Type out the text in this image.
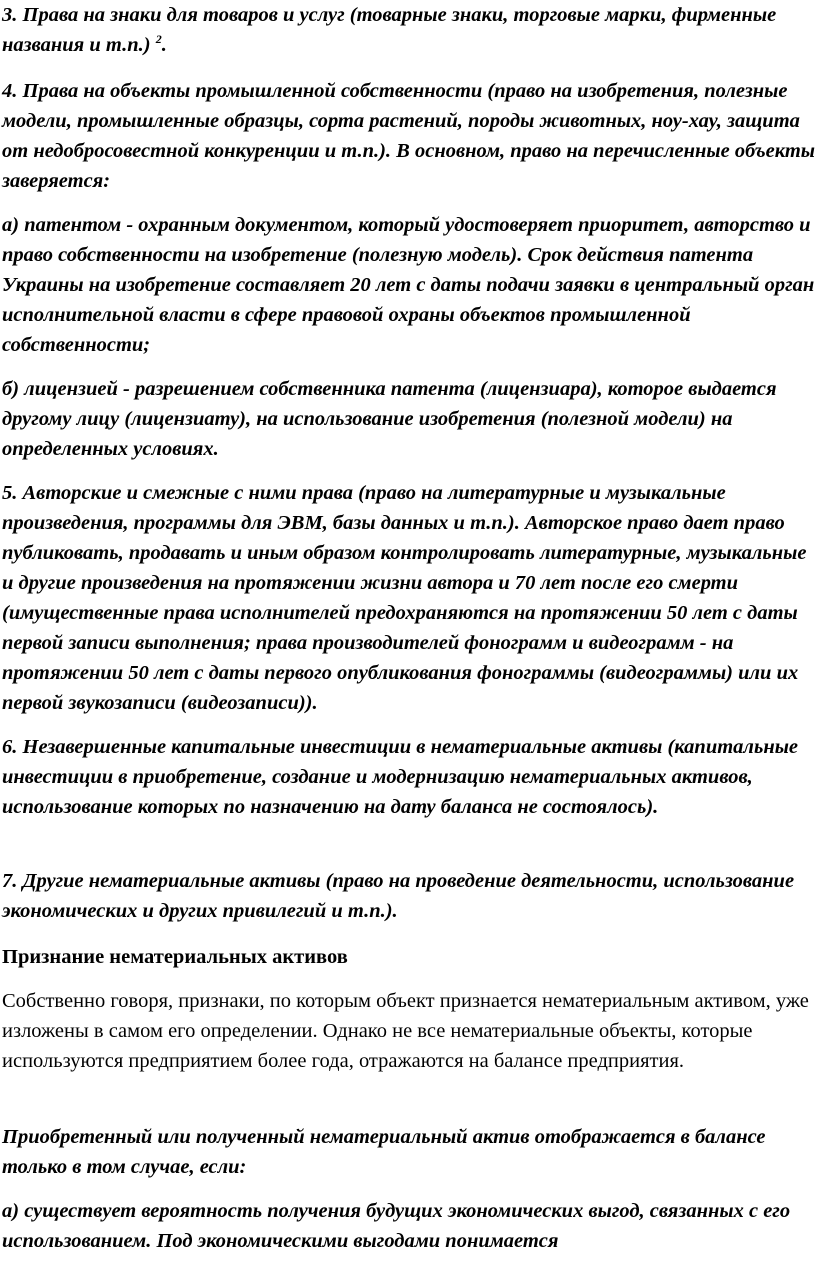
3. Права на знаки для товаров и услуг (товарные знаки, торговые марки, фирменные названия и т.п.) $^2$.

4. Права на объекты промышленной собственности (право на изобретения, полезные модели, промышленные образцы, сорта растений, породы животных, ноу-хау, защита от недобросовестной конкуренции и т.п.). В основном, право на перечисленные объекты заверяется:

а) патентом - охранным документом, который удостоверяет приоритет, авторство и право собственности на изобретение (полезную модель). Срок действия патента Украины на изобретение составляет 20 лет с даты подачи заявки в центральный орган исполнительной власти в сфере правовой охраны объектов промышленной собственности;

б) лицензией - разрешением собственника патента (лицензиара), которое выдается другому лицу (лицензиату), на использование изобретения (полезной модели) на определенных условиях.

5. Авторские и смежные с ними права (право на литературные и музыкальные произведения, программы для ЭВМ, базы данных и т.п.). Авторское право дает право публиковать, продавать и иным образом контролировать литературные, музыкальные и другие произведения на протяжении жизни автора и 70 лет после его смерти (имущественные права исполнителей предохраняются на протяжении 50 лет с даты первой записи выполнения; права производителей фонограмм и видеограмм - на протяжении 50 лет с даты первого опубликования фонограммы (видеограммы) или их первой звукозаписи (видеозаписи)).

6. Незавершенные капитальные инвестиции в нематериальные активы (капитальные инвестиции в приобретение, создание и модернизацию нематериальных активов, использование которых по назначению на дату баланса не состоялось).

7. Другие нематериальные активы (право на проведение деятельности, использование экономических и других привилегий и т.п.).

Признание нематериальных активов

Собственно говоря, признаки, по которым объект признается нематериальным активом, уже изложены в самом его определении. Однако не все нематериальные объекты, которые используются предприятием более года, отражаются на балансе предприятия.

Приобретенный или полученный нематериальный актив отображается в балансе только в том случае, если:

а) существует вероятность получения будущих экономических выгод, связанных с его использованием. Под экономическими выгодами понимается
